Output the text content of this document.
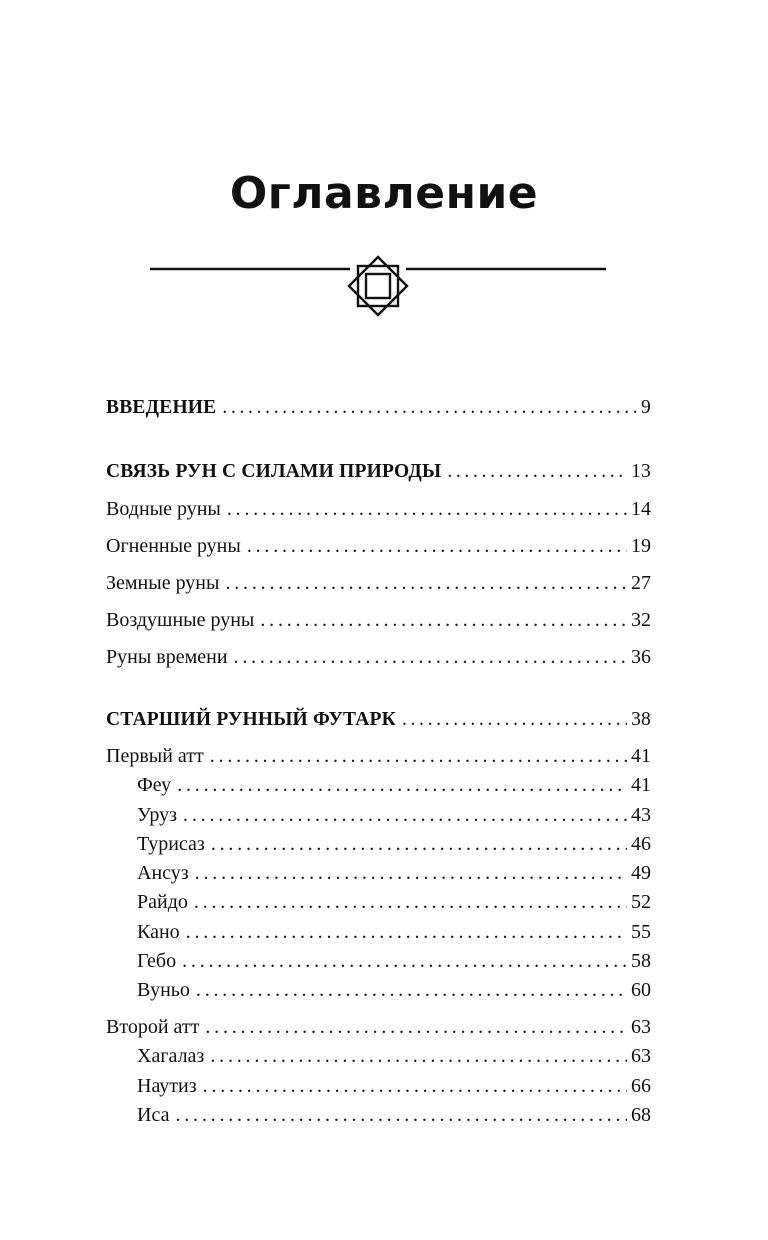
Оглавление
ВВЕДЕНИЕ . . .	9
СВЯЗЬ РУН С СИЛАМИ ПРИРОДЫ . . .	13
Водные руны . . .	14
Огненные руны . . .	19
Земные руны . . .	27
Воздушные руны . . .	32
Руны времени . . .	36
СТАРШИЙ РУННЫЙ ФУТАРК . . .	38
Первый атт . . .	41
Феу . . .	41
Уруз . . .	43
Турисаз . . .	46
Ансуз . . .	49
Райдо . . .	52
Кано . . .	55
Гебо . . .	58
Вуньо . . .	60
Второй атт . . .	63
Хагалаз . . .	63
Наутиз . . .	66
Иса . . .	68
